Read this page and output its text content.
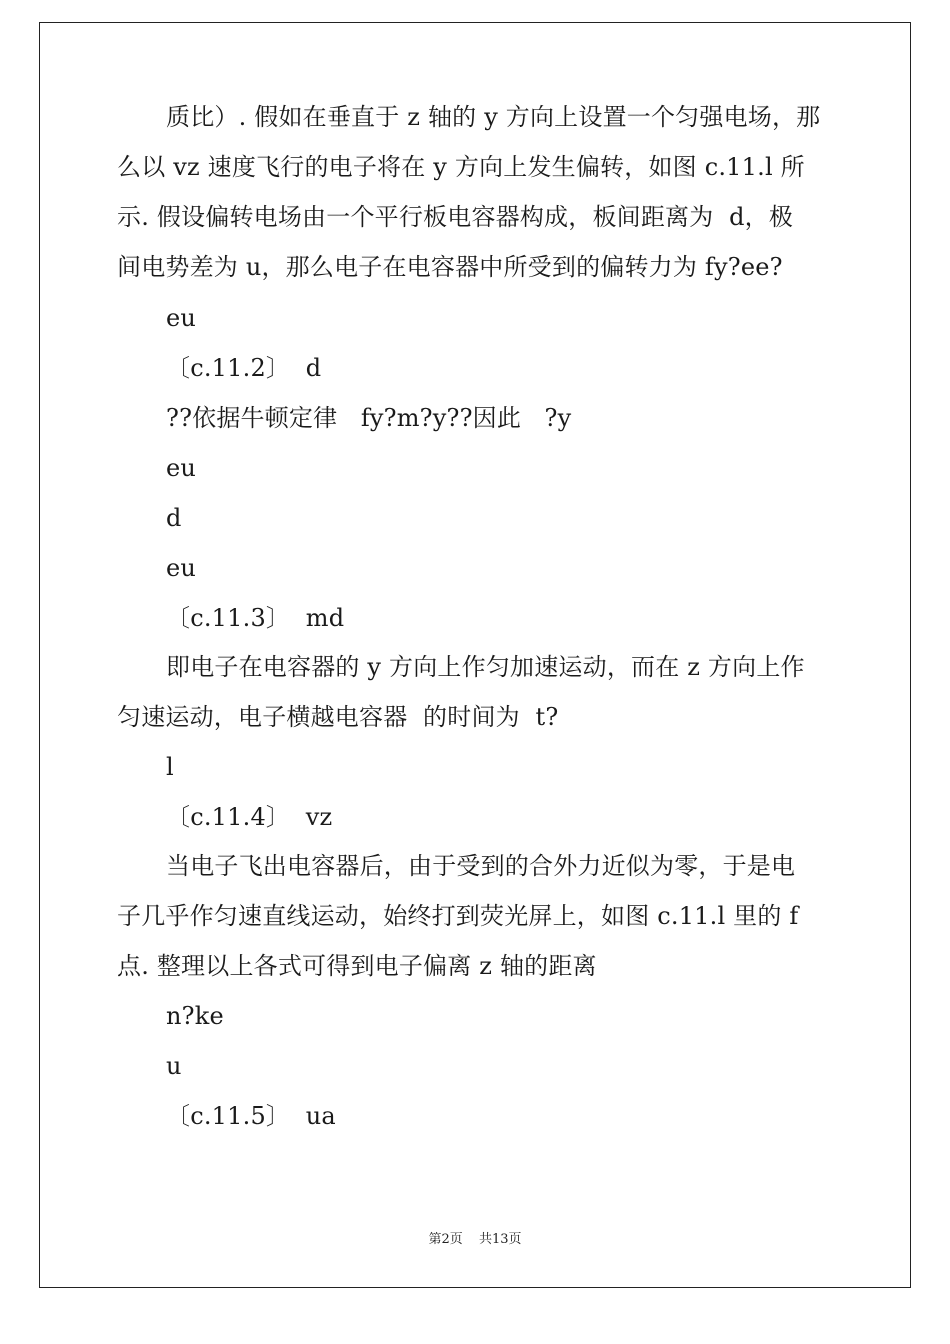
质比）. 假如在垂直于 z 轴的 y 方向上设置一个匀强电场，那
么以 vz 速度飞行的电子将在 y 方向上发生偏转，如图 c.11.l 所
示. 假设偏转电场由一个平行板电容器构成，板间距离为  d，极
间电势差为 u，那么电子在电容器中所受到的偏转力为 fy?ee?
eu
〔c.11.2〕  d
??依据牛顿定律   fy?m?y??因此   ?y
eu
d
eu
〔c.11.3〕  md
即电子在电容器的 y 方向上作匀加速运动，而在 z 方向上作
匀速运动，电子横越电容器  的时间为  t?
l
〔c.11.4〕  vz
当电子飞出电容器后，由于受到的合外力近似为零，于是电
子几乎作匀速直线运动，始终打到荧光屏上，如图 c.11.l 里的 f
点. 整理以上各式可得到电子偏离 z 轴的距离
n?ke
u
〔c.11.5〕  ua
第2页 共13页
